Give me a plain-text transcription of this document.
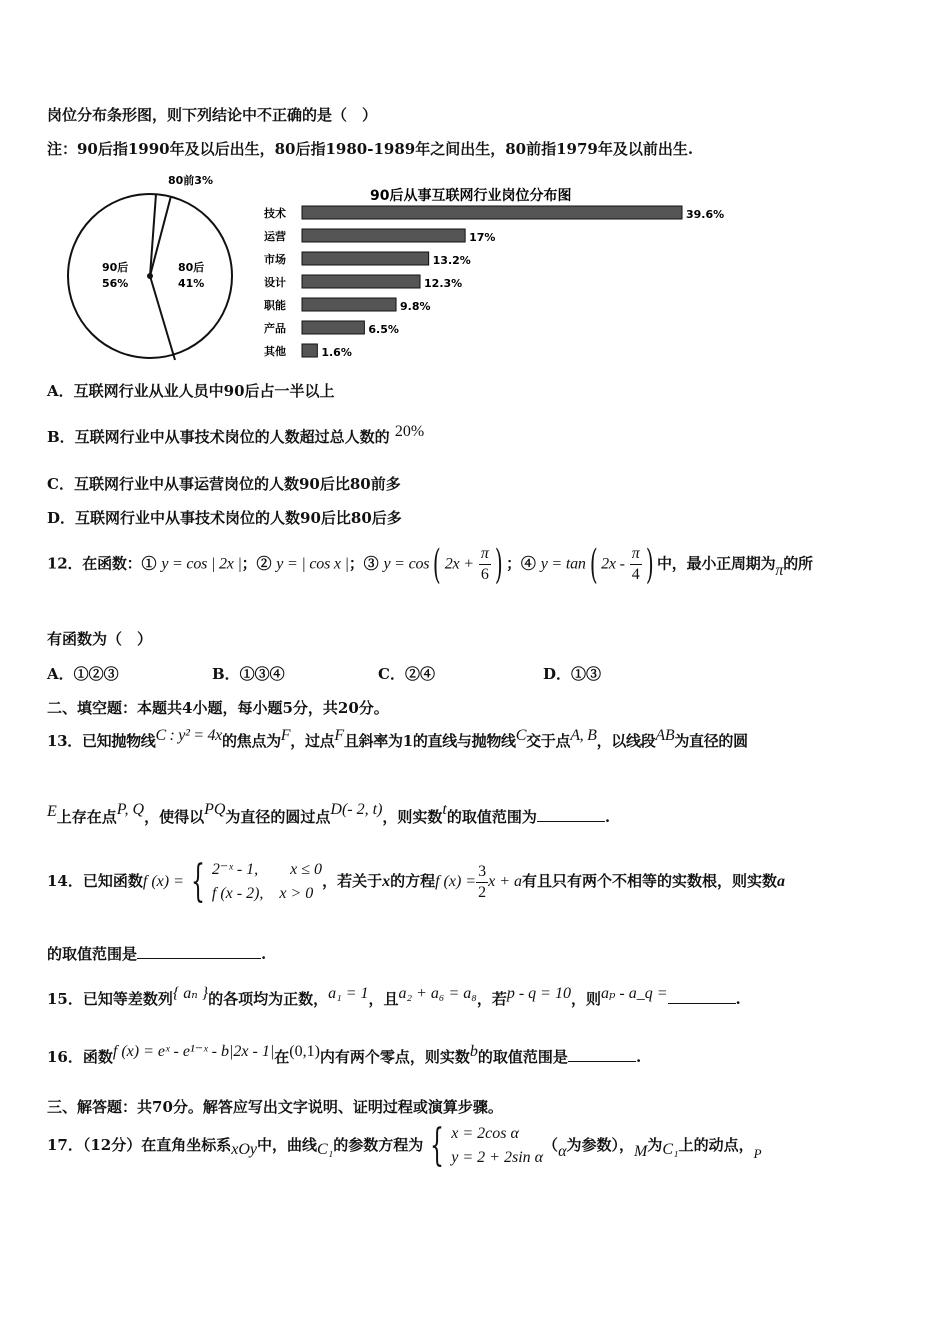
岗位分布条形图，则下列结论中不正确的是（　）
注：90后指1990年及以后出生，80后指1980-1989年之间出生，80前指1979年及以前出生.
90后
56%
80后
41%
80前3%
90后从事互联网行业岗位分布图
技术	39.6%
运营	17%
市场	13.2%
设计	12.3%
职能	9.8%
产品	6.5%
其他	1.6%
A．互联网行业从业人员中90后占一半以上
B．互联网行业中从事技术岗位的人数超过总人数的 20%
C．互联网行业中从事运营岗位的人数90后比80前多
D．互联网行业中从事技术岗位的人数90后比80后多
12．在函数：① y = cos | 2x |；② y = | cos x |；③ y = cos( $2x + \frac{\pi}{6}$ ) ；④ y = tan( $2x - \frac{\pi}{4}$ ) 中，最小正周期为π的所
有函数为（　）
A．①②③	B．①③④	C．②④	D．①③
二、填空题：本题共4小题，每小题5分，共20分。
13．已知抛物线C : y² = 4x的焦点为F，过点F且斜率为1的直线与抛物线C交于点A, B，以线段AB为直径的圆
E上存在点P, Q，使得以PQ为直径的圆过点D(- 2, t)，则实数t的取值范围为	.
14．已知函数f (x) = { 2⁻ˣ - 1,　　x ≤ 0
f (x - 2),　x > 0
，若关于x的方程f $(x) = \frac{3}{2}$ x + a有且只有两个不相等的实数根，则实数a
的取值范围是	.
15．已知等差数列{ aₙ }的各项均为正数，a₁ = 1，且a₂ + a₆ = a₈，若p - q = 10，则aₚ - a_q =	.
16．函数f (x) = eˣ - e¹⁻ˣ - b|2x - 1|在(0,1)内有两个零点，则实数b的取值范围是	.
三、解答题：共70分。解答应写出文字说明、证明过程或演算步骤。
17．（12分）在直角坐标系xOy中，曲线C₁的参数方程为 { x = 2cos α
y = 2 + 2sin α
（α为参数），M为C₁上的动点，P
